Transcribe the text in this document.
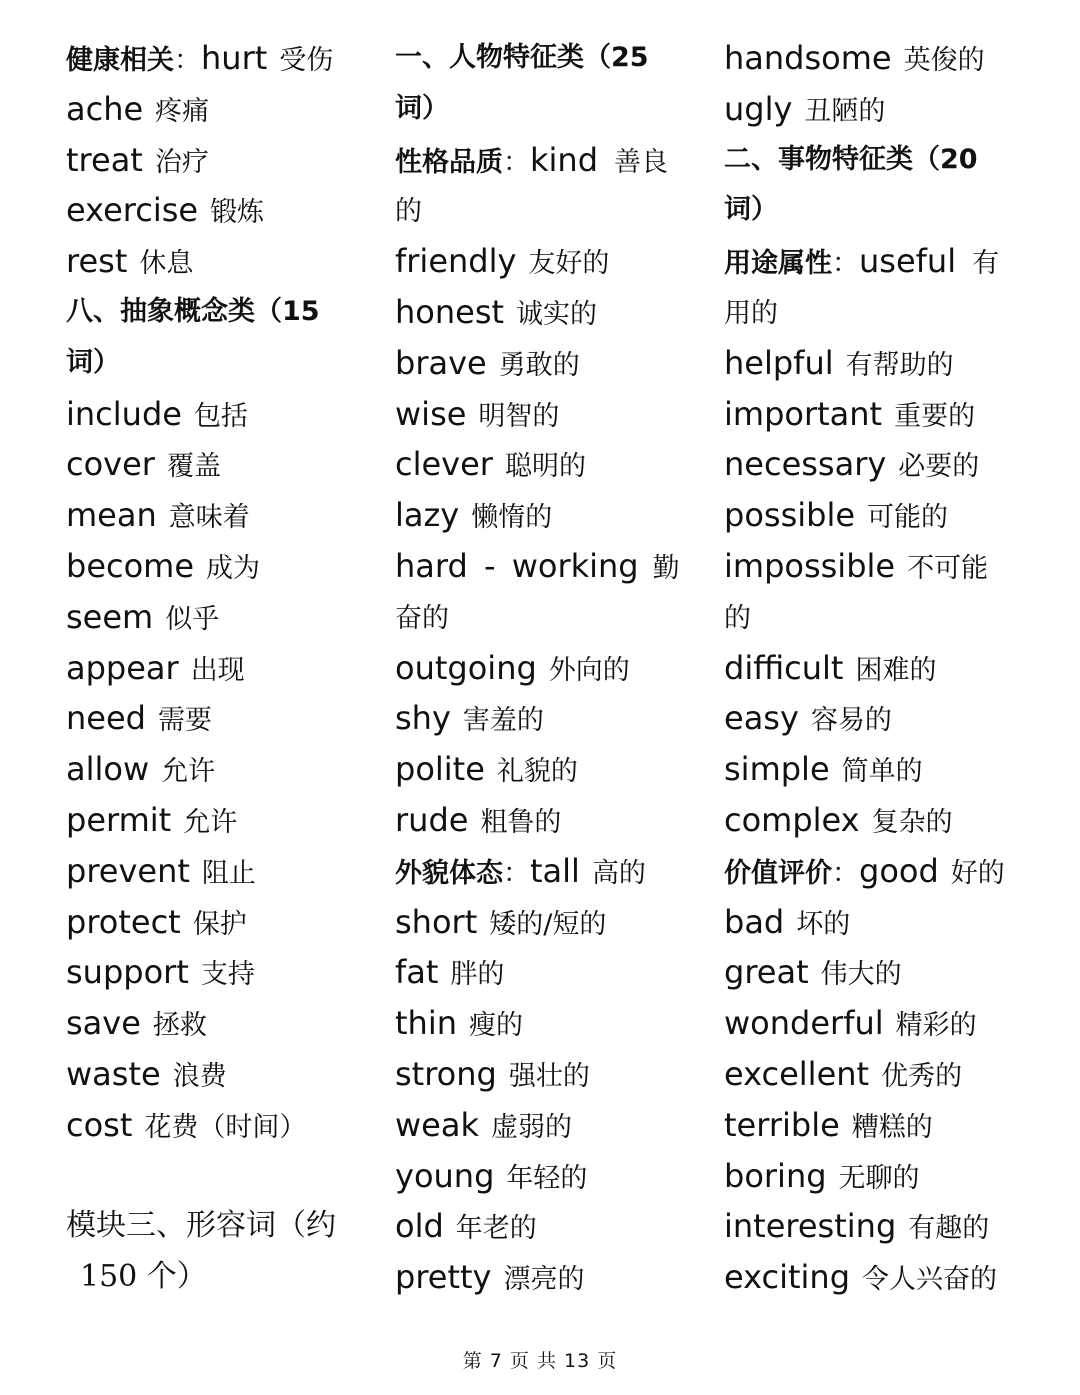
健康相关：hurt 受伤
ache 疼痛
treat 治疗
exercise 锻炼
rest 休息
八、抽象概念类（15
词）
include 包括
cover 覆盖
mean 意味着
become 成为
seem 似乎
appear 出现
need 需要
allow 允许
permit 允许
prevent 阻止
protect 保护
support 支持
save 拯救
waste 浪费
cost 花费（时间）
模块三、形容词（约
150 个）
一、人物特征类（25
词）
性格品质：kind 善良
的
friendly 友好的
honest 诚实的
brave 勇敢的
wise 明智的
clever 聪明的
lazy 懒惰的
hard - working 勤
奋的
outgoing 外向的
shy 害羞的
polite 礼貌的
rude 粗鲁的
外貌体态：tall 高的
short 矮的/短的
fat 胖的
thin 瘦的
strong 强壮的
weak 虚弱的
young 年轻的
old 年老的
pretty 漂亮的
handsome 英俊的
ugly 丑陋的
二、事物特征类（20
词）
用途属性：useful 有
用的
helpful 有帮助的
important 重要的
necessary 必要的
possible 可能的
impossible 不可能
的
difficult 困难的
easy 容易的
simple 简单的
complex 复杂的
价值评价：good 好的
bad 坏的
great 伟大的
wonderful 精彩的
excellent 优秀的
terrible 糟糕的
boring 无聊的
interesting 有趣的
exciting 令人兴奋的
第 7 页 共 13 页
